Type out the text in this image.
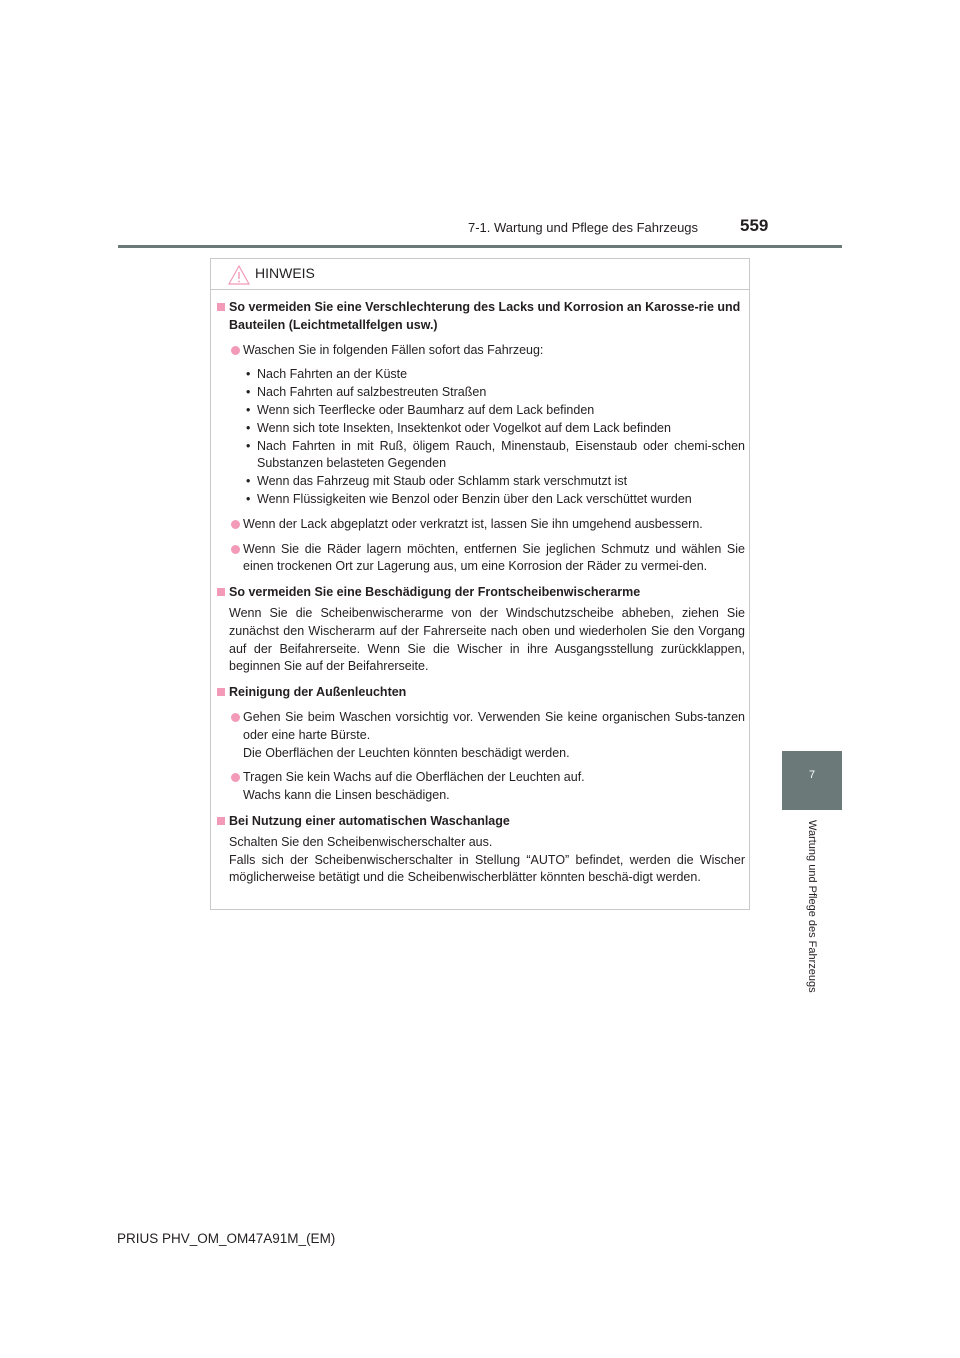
7-1. Wartung und Pflege des Fahrzeugs 559
7
Wartung und Pflege des Fahrzeugs
HINWEIS
So vermeiden Sie eine Verschlechterung des Lacks und Korrosion an Karosse-rie und Bauteilen (Leichtmetallfelgen usw.)
Waschen Sie in folgenden Fällen sofort das Fahrzeug:
• Nach Fahrten an der Küste
• Nach Fahrten auf salzbestreuten Straßen
• Wenn sich Teerflecke oder Baumharz auf dem Lack befinden
• Wenn sich tote Insekten, Insektenkot oder Vogelkot auf dem Lack befinden
• Nach Fahrten in mit Ruß, öligem Rauch, Minenstaub, Eisenstaub oder chemi-schen Substanzen belasteten Gegenden
• Wenn das Fahrzeug mit Staub oder Schlamm stark verschmutzt ist
• Wenn Flüssigkeiten wie Benzol oder Benzin über den Lack verschüttet wurden
Wenn der Lack abgeplatzt oder verkratzt ist, lassen Sie ihn umgehend ausbessern.
Wenn Sie die Räder lagern möchten, entfernen Sie jeglichen Schmutz und wählen Sie einen trockenen Ort zur Lagerung aus, um eine Korrosion der Räder zu vermei-den.
So vermeiden Sie eine Beschädigung der Frontscheibenwischerarme
Wenn Sie die Scheibenwischerarme von der Windschutzscheibe abheben, ziehen Sie zunächst den Wischerarm auf der Fahrerseite nach oben und wiederholen Sie den Vorgang auf der Beifahrerseite. Wenn Sie die Wischer in ihre Ausgangsstellung zurückklappen, beginnen Sie auf der Beifahrerseite.
Reinigung der Außenleuchten
Gehen Sie beim Waschen vorsichtig vor. Verwenden Sie keine organischen Subs-tanzen oder eine harte Bürste.
Die Oberflächen der Leuchten könnten beschädigt werden.
Tragen Sie kein Wachs auf die Oberflächen der Leuchten auf.
Wachs kann die Linsen beschädigen.
Bei Nutzung einer automatischen Waschanlage
Schalten Sie den Scheibenwischerschalter aus.
Falls sich der Scheibenwischerschalter in Stellung “AUTO” befindet, werden die Wischer möglicherweise betätigt und die Scheibenwischerblätter könnten beschä-digt werden.
PRIUS PHV_OM_OM47A91M_(EM)
